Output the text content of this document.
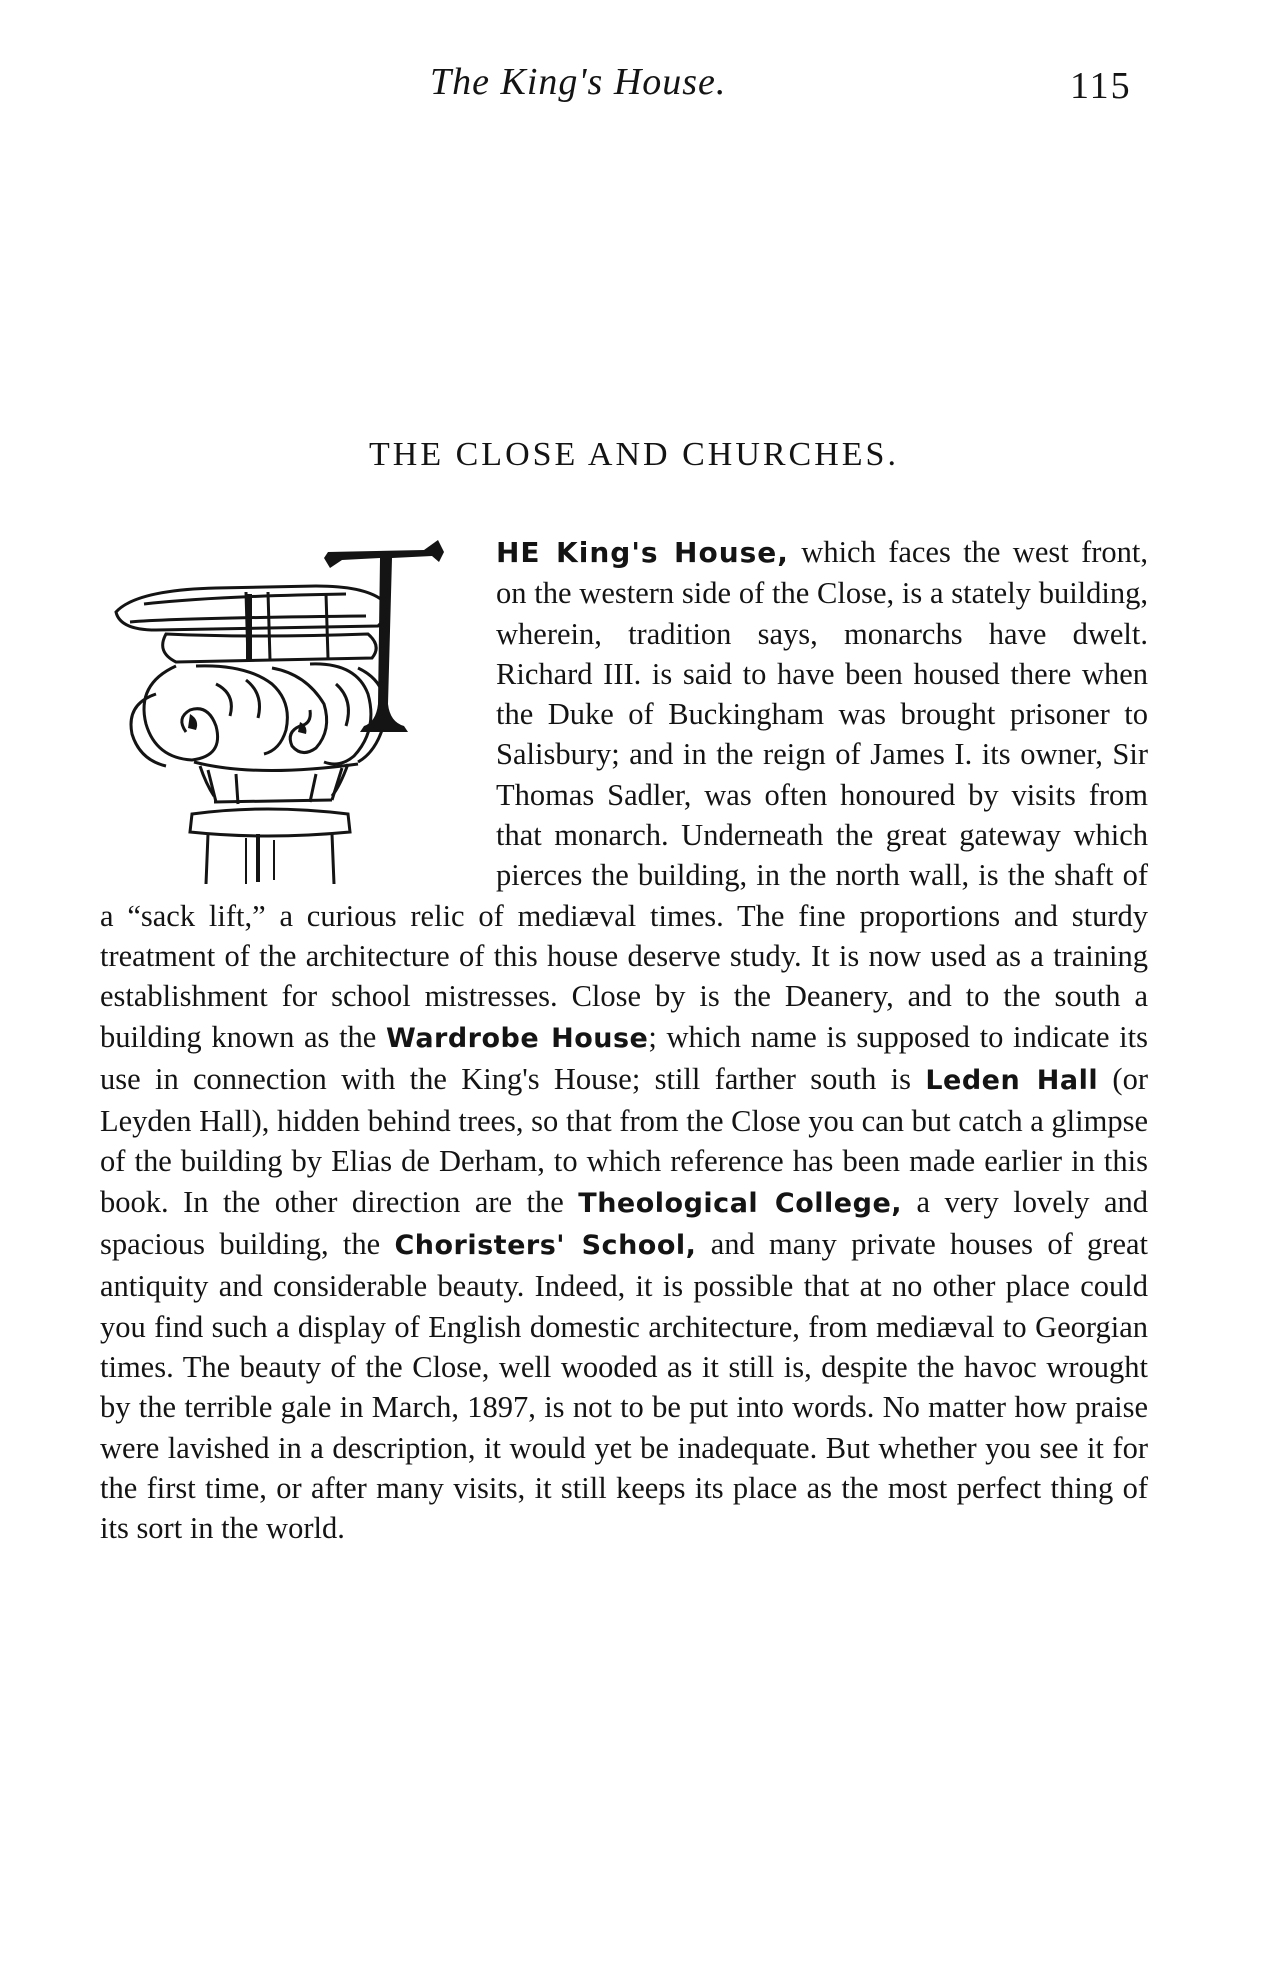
The King's House.	115
THE CLOSE AND CHURCHES.
T

HE King's House, which faces the west front, on the western side of the Close, is a stately building, wherein, tradition says, monarchs have dwelt. Richard III. is said to have been housed there when the Duke of Buckingham was brought prisoner to Salisbury; and in the reign of James I. its owner, Sir Thomas Sadler, was often honoured by visits from that monarch. Underneath the great gateway which pierces the building, in the north wall, is the shaft of a “sack lift,” a curious relic of mediæval times. The fine proportions and sturdy treatment of the architecture of this house deserve study. It is now used as a training establishment for school mistresses. Close by is the Deanery, and to the south a building known as the Wardrobe House; which name is supposed to indicate its use in connection with the King's House; still farther south is Leden Hall (or Leyden Hall), hidden behind trees, so that from the Close you can but catch a glimpse of the building by Elias de Derham, to which reference has been made earlier in this book. In the other direction are the Theological College, a very lovely and spacious building, the Choristers' School, and many private houses of great antiquity and considerable beauty. Indeed, it is possible that at no other place could you find such a display of English domestic architecture, from mediæval to Georgian times. The beauty of the Close, well wooded as it still is, despite the havoc wrought by the terrible gale in March, 1897, is not to be put into words. No matter how praise were lavished in a description, it would yet be inadequate. But whether you see it for the first time, or after many visits, it still keeps its place as the most perfect thing of its sort in the world.
